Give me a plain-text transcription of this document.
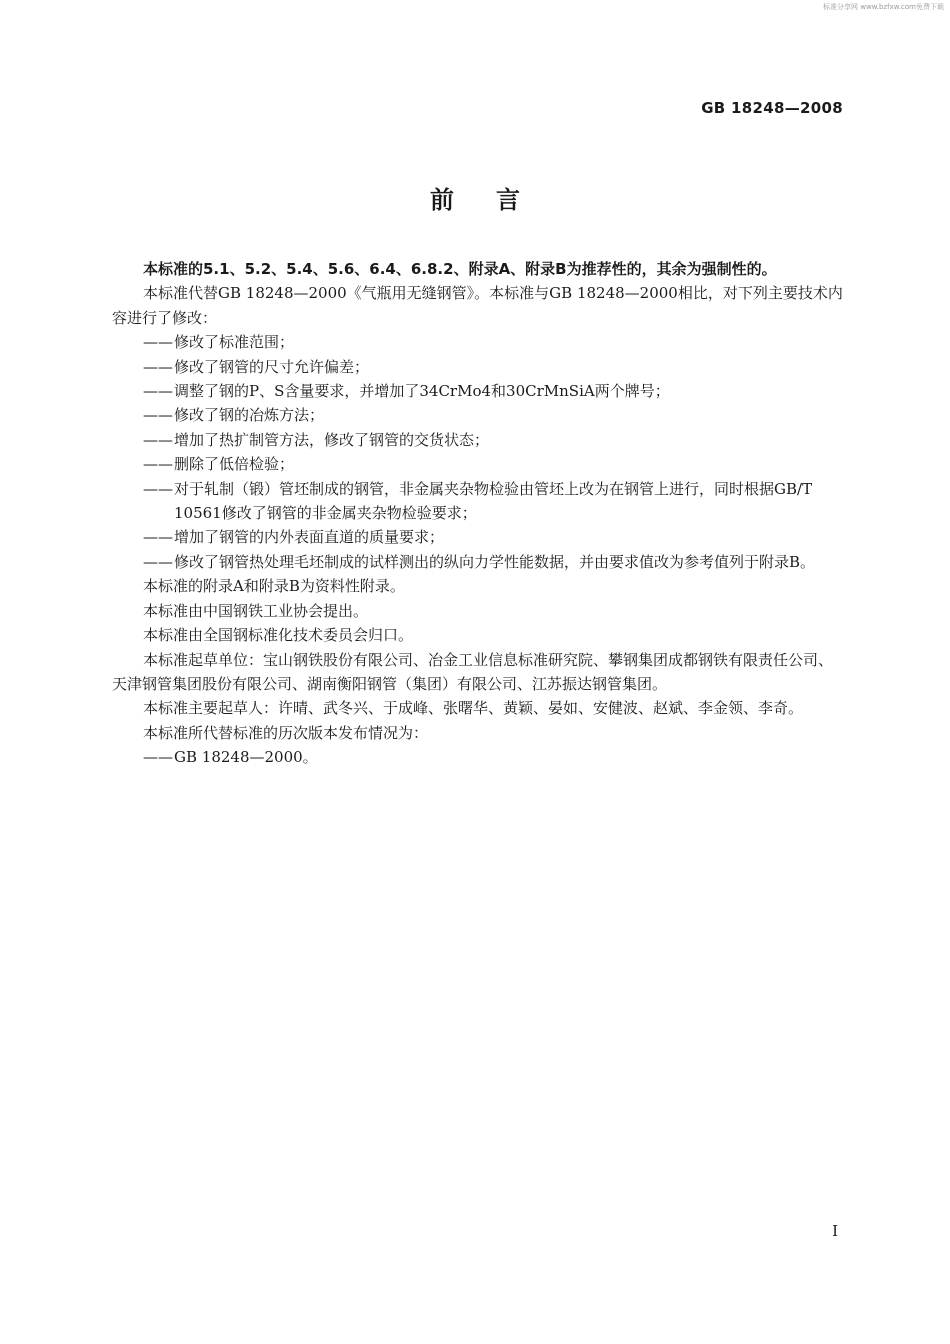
标准分享网 www.bzfxw.com免费下载
GB 18248—2008
前言

本标准的5.1、5.2、5.4、5.6、6.4、6.8.2、附录A、附录B为推荐性的，其余为强制性的。

本标准代替GB 18248—2000《气瓶用无缝钢管》。本标准与GB 18248—2000相比，对下列主要技术内容进行了修改：

——修改了标准范围；

——修改了钢管的尺寸允许偏差；

——调整了钢的P、S含量要求，并增加了34CrMo4和30CrMnSiA两个牌号；

——修改了钢的冶炼方法；

——增加了热扩制管方法，修改了钢管的交货状态；

——删除了低倍检验；

——对于轧制（锻）管坯制成的钢管，非金属夹杂物检验由管坯上改为在钢管上进行，同时根据GB/T 10561修改了钢管的非金属夹杂物检验要求；

——增加了钢管的内外表面直道的质量要求；

——修改了钢管热处理毛坯制成的试样测出的纵向力学性能数据，并由要求值改为参考值列于附录B。

本标准的附录A和附录B为资料性附录。

本标准由中国钢铁工业协会提出。

本标准由全国钢标准化技术委员会归口。

本标准起草单位：宝山钢铁股份有限公司、冶金工业信息标准研究院、攀钢集团成都钢铁有限责任公司、天津钢管集团股份有限公司、湖南衡阳钢管（集团）有限公司、江苏振达钢管集团。

本标准主要起草人：许晴、武冬兴、于成峰、张曙华、黄颖、晏如、安健波、赵斌、李金领、李奇。

本标准所代替标准的历次版本发布情况为：

——GB 18248—2000。

I
